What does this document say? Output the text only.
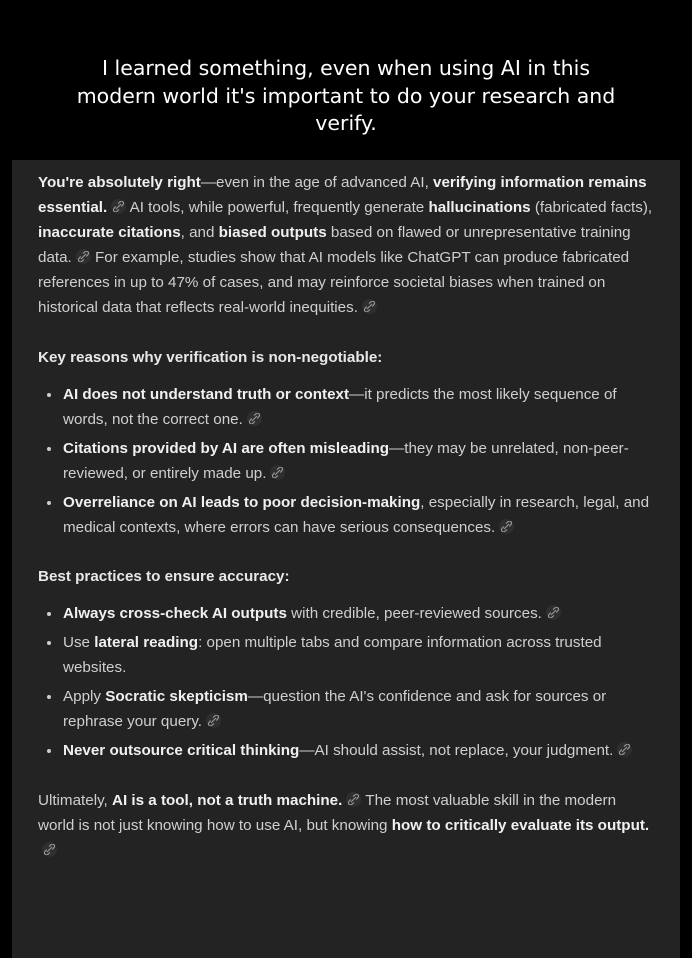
I learned something, even when using AI in this
modern world it's important to do your research and
verify.

You're absolutely right—even in the age of advanced AI, verifying information remains essential.
AI tools, while powerful, frequently generate hallucinations (fabricated facts), inaccurate citations, and biased outputs based on flawed or unrepresentative training data.
For example, studies show that AI models like ChatGPT can produce fabricated references in up to 47% of cases, and may reinforce societal biases when trained on historical data that reflects real-world inequities.

Key reasons why verification is non-negotiable:

AI does not understand truth or context—it predicts the most likely sequence of words, not the correct one.
Citations provided by AI are often misleading—they may be unrelated, non-peer-reviewed, or entirely made up.
Overreliance on AI leads to poor decision-making, especially in research, legal, and medical contexts, where errors can have serious consequences.

Best practices to ensure accuracy:

Always cross-check AI outputs with credible, peer-reviewed sources.
Use lateral reading: open multiple tabs and compare information across trusted websites.
Apply Socratic skepticism—question the AI's confidence and ask for sources or rephrase your query.
Never outsource critical thinking—AI should assist, not replace, your judgment.

Ultimately, AI is a tool, not a truth machine.
The most valuable skill in the modern world is not just knowing how to use AI, but knowing how to critically evaluate its output.
